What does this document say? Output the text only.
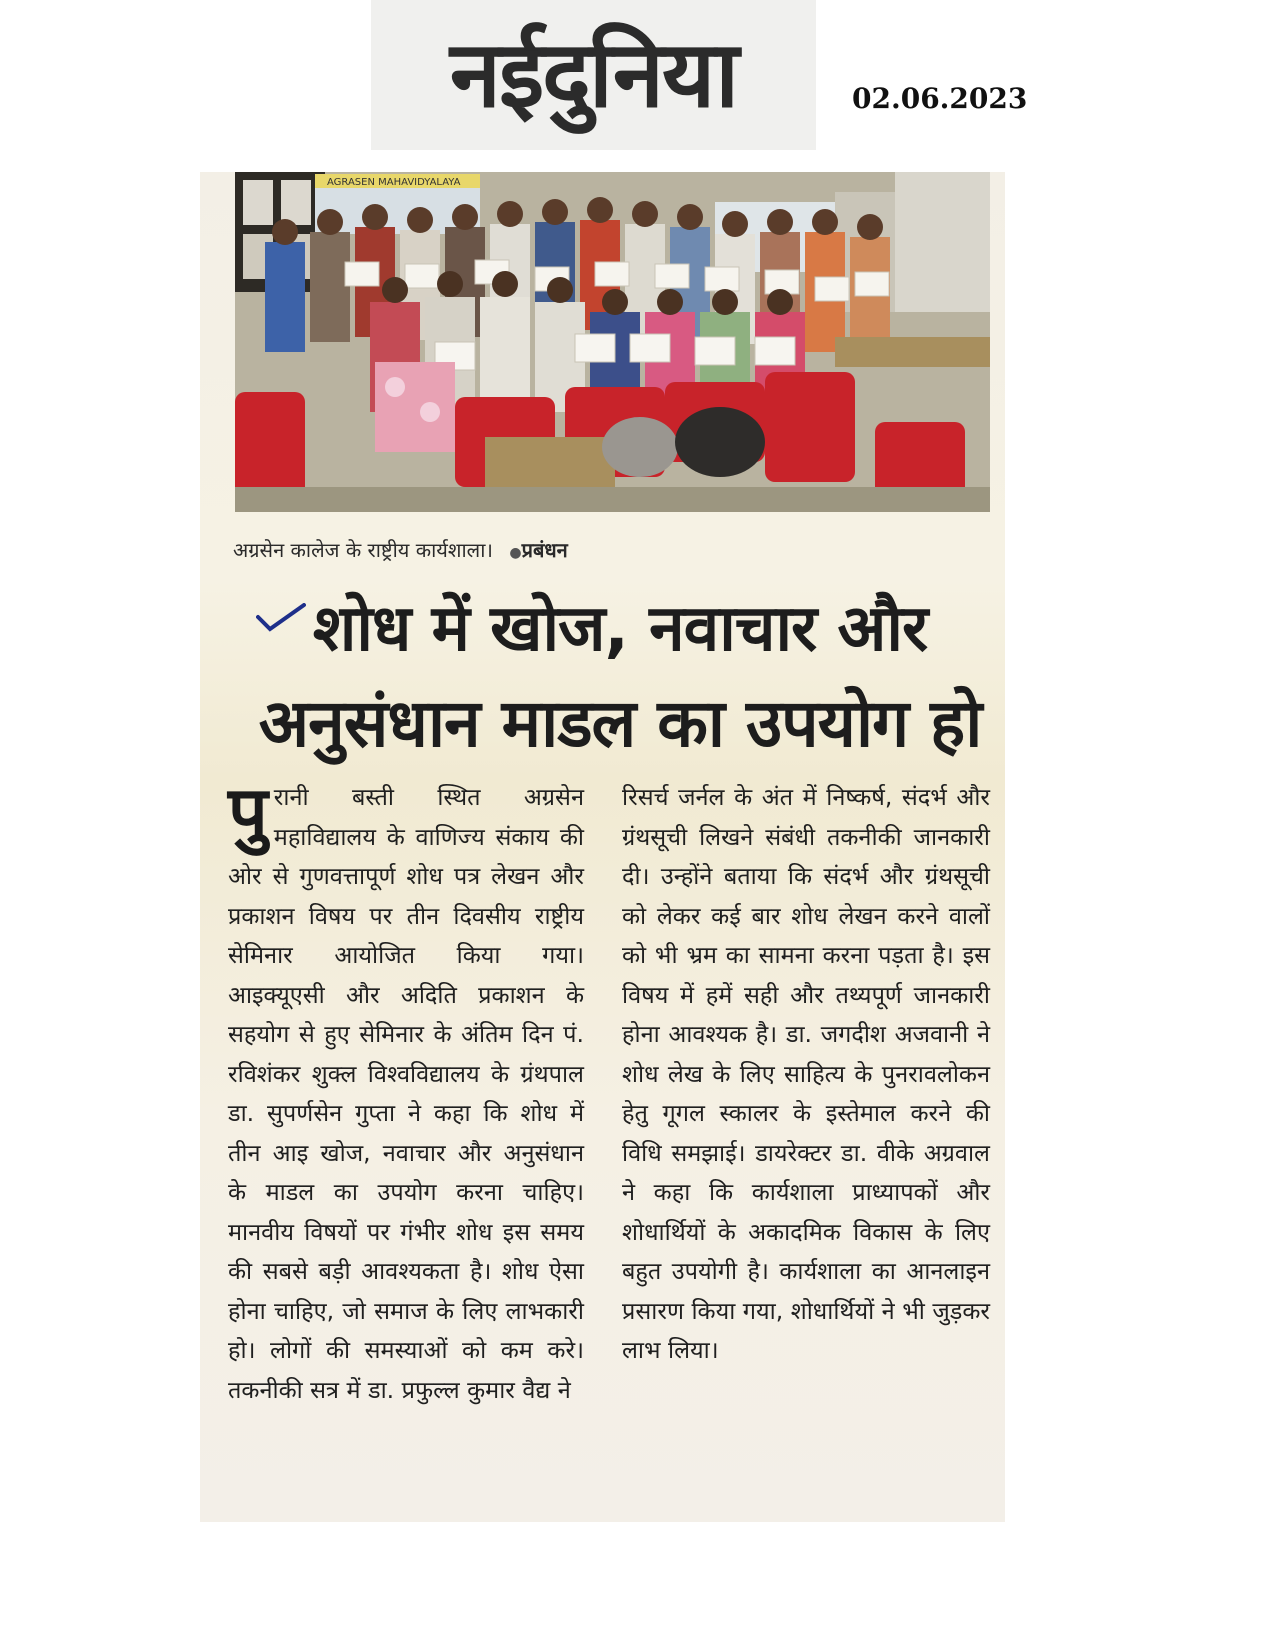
नईदुनिया	02.06.2023
AGRASEN MAHAVIDYALAYA
अग्रसेन कालेज के राष्ट्रीय कार्यशाला। ●प्रबंधन
शोध में खोज, नवाचार और
अनुसंधान माडल का उपयोग हो
पुरानी बस्ती स्थित अग्रसेन महाविद्यालय के वाणिज्य संकाय की ओर से गुणवत्तापूर्ण शोध पत्र लेखन और प्रकाशन विषय पर तीन दिवसीय राष्ट्रीय सेमिनार आयोजित किया गया। आइक्यूएसी और अदिति प्रकाशन के सहयोग से हुए सेमिनार के अंतिम दिन पं. रविशंकर शुक्ल विश्वविद्यालय के ग्रंथपाल डा. सुपर्णसेन गुप्ता ने कहा कि शोध में तीन आइ खोज, नवाचार और अनुसंधान के माडल का उपयोग करना चाहिए। मानवीय विषयों पर गंभीर शोध इस समय की सबसे बड़ी आवश्यकता है। शोध ऐसा होना चाहिए, जो समाज के लिए लाभकारी हो। लोगों की समस्याओं को कम करे। तकनीकी सत्र में डा. प्रफुल्ल कुमार वैद्य ने
रिसर्च जर्नल के अंत में निष्कर्ष, संदर्भ और ग्रंथसूची लिखने संबंधी तकनीकी जानकारी दी। उन्होंने बताया कि संदर्भ और ग्रंथसूची को लेकर कई बार शोध लेखन करने वालों को भी भ्रम का सामना करना पड़ता है। इस विषय में हमें सही और तथ्यपूर्ण जानकारी होना आवश्यक है। डा. जगदीश अजवानी ने शोध लेख के लिए साहित्य के पुनरावलोकन हेतु गूगल स्कालर के इस्तेमाल करने की विधि समझाई। डायरेक्टर डा. वीके अग्रवाल ने कहा कि कार्यशाला प्राध्यापकों और शोधार्थियों के अकादमिक विकास के लिए बहुत उपयोगी है। कार्यशाला का आनलाइन प्रसारण किया गया, शोधार्थियों ने भी जुड़कर लाभ लिया।
